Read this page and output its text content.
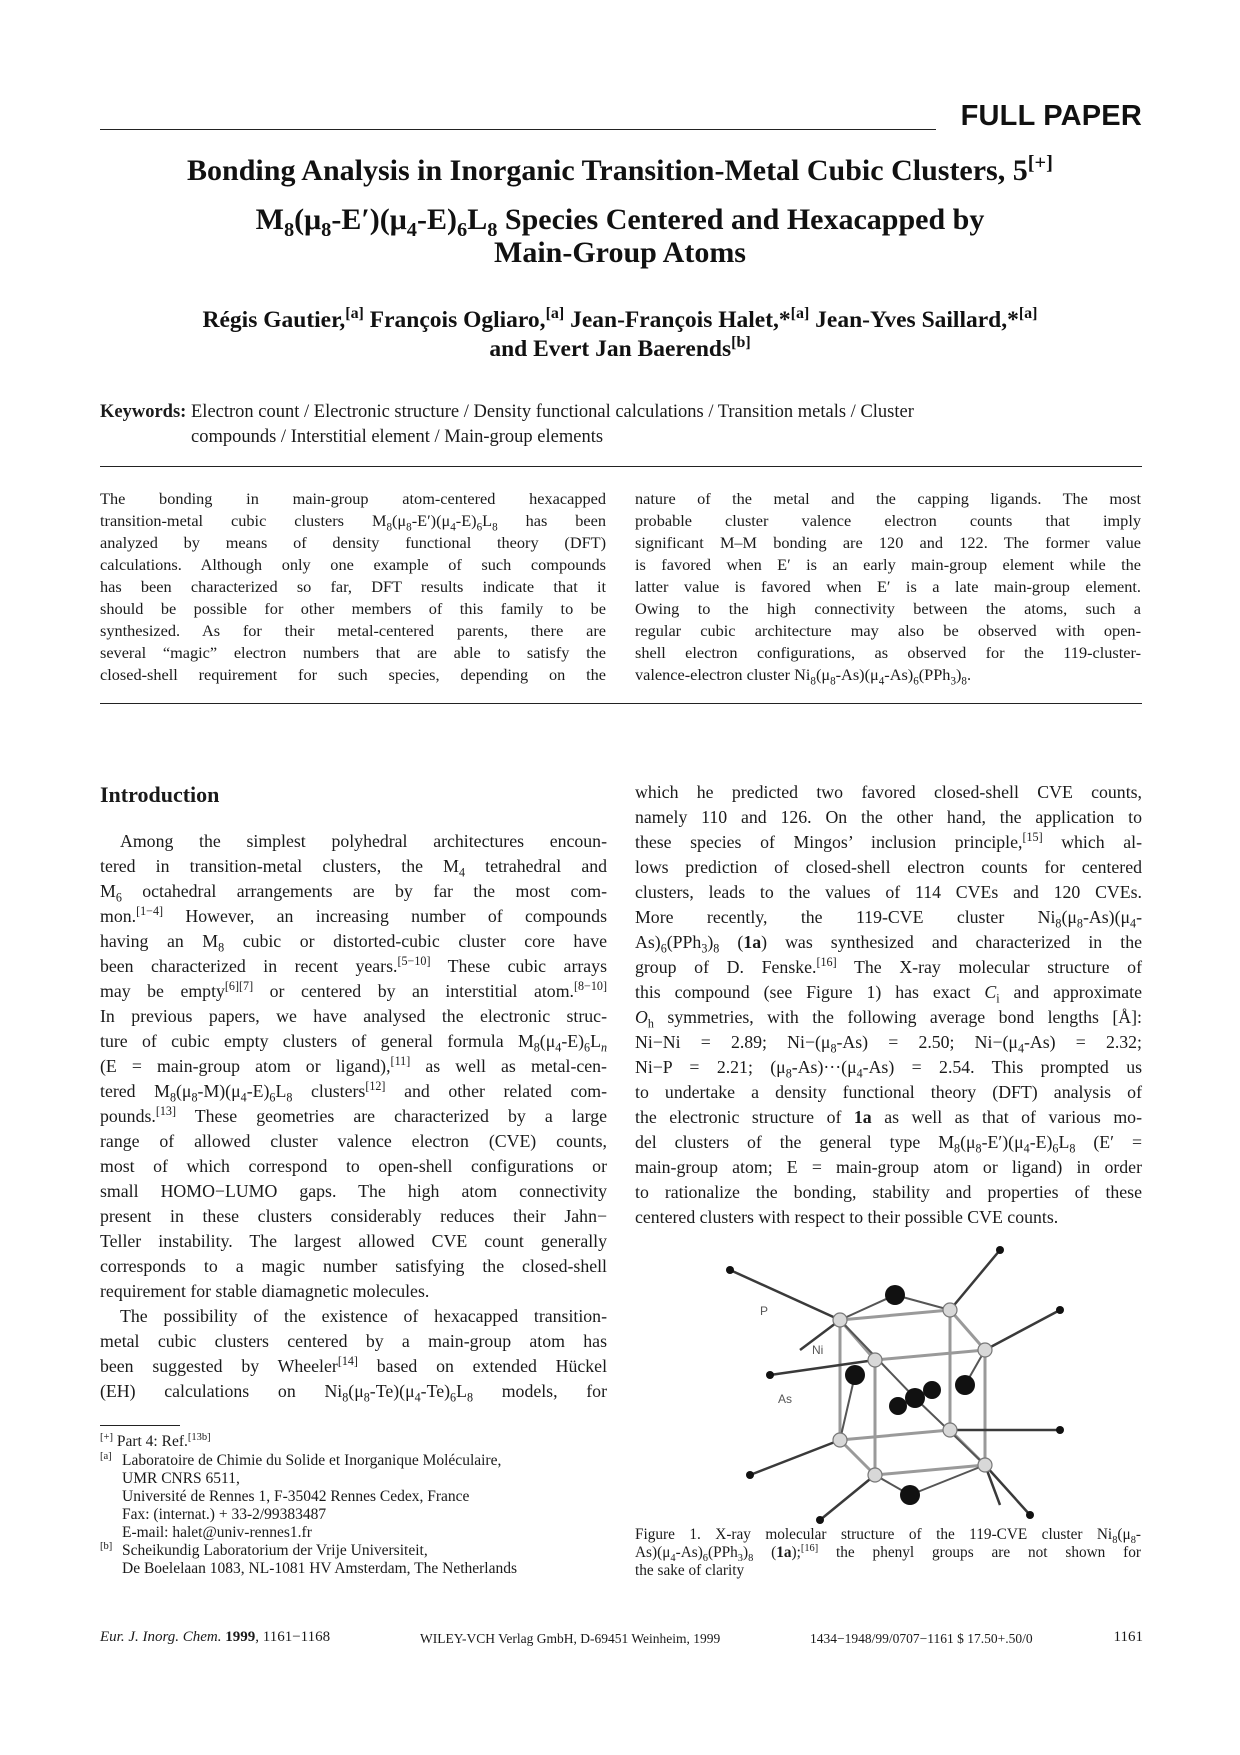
FULL PAPER
Bonding Analysis in Inorganic Transition-Metal Cubic Clusters, 5[+]
$M_8(\mu_8-E')(\mu_4-E)_6L_8$ Species Centered and Hexacapped by
Main-Group Atoms
Régis Gautier,[a] François Ogliaro,[a] Jean-François Halet,*[a] Jean-Yves Saillard,*[a]
and Evert Jan Baerends[b]
Keywords: Electron count / Electronic structure / Density functional calculations / Transition metals / Cluster
compounds / Interstitial element / Main-group elements
The bonding in main-group atom-centered hexacapped
transition-metal cubic clusters $M_8(\mu_8-E')(\mu_4-E)_6L_8$ has been
analyzed by means of density functional theory (DFT)
calculations. Although only one example of such compounds
has been characterized so far, DFT results indicate that it
should be possible for other members of this family to be
synthesized. As for their metal-centered parents, there are
several “magic” electron numbers that are able to satisfy the
closed-shell requirement for such species, depending on the
nature of the metal and the capping ligands. The most
probable cluster valence electron counts that imply
significant M–M bonding are 120 and 122. The former value
is favored when E′ is an early main-group element while the
latter value is favored when E′ is a late main-group element.
Owing to the high connectivity between the atoms, such a
regular cubic architecture may also be observed with open-
shell electron configurations, as observed for the 119-cluster-
valence-electron cluster $Ni_8(\mu_8-As)(\mu_4-As)_6(PPh_3)_8$.
Introduction
Among the simplest polyhedral architectures encoun-
tered in transition-metal clusters, the $M_4$ tetrahedral and
$M_6$ octahedral arrangements are by far the most com-
mon.[1−4] However, an increasing number of compounds
having an $M_8$ cubic or distorted-cubic cluster core have
been characterized in recent years.[5−10] These cubic arrays
may be empty[6][7] or centered by an interstitial atom.[8−10]
In previous papers, we have analysed the electronic struc-
ture of cubic empty clusters of general formula $M_8(\mu_4-E)_6L_n$
(E = main-group atom or ligand),[11] as well as metal-cen-
tered $M_8(\mu_8-M)(\mu_4-E)_6L_8$ clusters[12] and other related com-
pounds.[13] These geometries are characterized by a large
range of allowed cluster valence electron (CVE) counts,
most of which correspond to open-shell configurations or
small HOMO−LUMO gaps. The high atom connectivity
present in these clusters considerably reduces their Jahn−
Teller instability. The largest allowed CVE count generally
corresponds to a magic number satisfying the closed-shell
requirement for stable diamagnetic molecules.
The possibility of the existence of hexacapped transition-
metal cubic clusters centered by a main-group atom has
been suggested by Wheeler[14] based on extended Hückel
(EH) calculations on $Ni_8(\mu_8-Te)(\mu_4-Te)_6L_8$ models, for
which he predicted two favored closed-shell CVE counts,
namely 110 and 126. On the other hand, the application to
these species of Mingos’ inclusion principle,[15] which al-
lows prediction of closed-shell electron counts for centered
clusters, leads to the values of 114 CVEs and 120 CVEs.
More recently, the 119-CVE cluster $Ni_8(\mu_8-As)(\mu_4-$
$As)_6(PPh_3)_8$ (1a) was synthesized and characterized in the
group of D. Fenske.[16] The X-ray molecular structure of
this compound (see Figure 1) has exact $C_i$ and approximate
$O_h$ symmetries, with the following average bond lengths [Å]:
Ni−Ni = 2.89; $Ni-(\mu_8-As) = 2.50$; $Ni-(\mu_4-As) = 2.32$;
Ni−P = 2.21; $(\mu_8-As)\cdot\cdot\cdot(\mu_4-As) = 2.54$. This prompted us
to undertake a density functional theory (DFT) analysis of
the electronic structure of 1a as well as that of various mo-
del clusters of the general type $M_8(\mu_8-E')(\mu_4-E)_6L_8$ (E′ =
main-group atom; E = main-group atom or ligand) in order
to rationalize the bonding, stability and properties of these
centered clusters with respect to their possible CVE counts.
[+] Part 4: Ref.[13b]
[a] Laboratoire de Chimie du Solide et Inorganique Moléculaire,
UMR CNRS 6511,
Université de Rennes 1, F-35042 Rennes Cedex, France
Fax: (internat.) + 33-2/99383487
E-mail: halet@univ-rennes1.fr
[b] Scheikundig Laboratorium der Vrije Universiteit,
De Boelelaan 1083, NL-1081 HV Amsterdam, The Netherlands
P
Ni
As
Figure 1. X-ray molecular structure of the 119-CVE cluster $Ni_8(\mu_8-$
$As)(\mu_4-As)_6(PPh_3)_8$ (1a);[16] the phenyl groups are not shown for
the sake of clarity
Eur. J. Inorg. Chem. 1999, 1161−1168	WILEY-VCH Verlag GmbH, D-69451 Weinheim, 1999	1434−1948/99/0707−1161 $ 17.50+.50/0	1161
